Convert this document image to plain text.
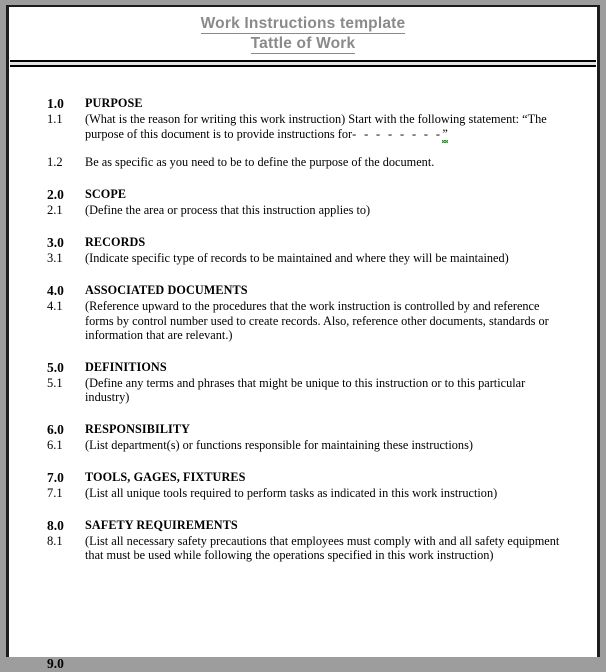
Work Instructions template
Tattle of Work
1.0	PURPOSE
1.1	(What is the reason for writing this work instruction) Start with the following statement: “The purpose of this document is to provide instructions for- - - - - - - -”
1.2	Be as specific as you need to be to define the purpose of the document.
2.0	SCOPE
2.1	(Define the area or process that this instruction applies to)
3.0	RECORDS
3.1	(Indicate specific type of records to be maintained and where they will be maintained)
4.0	ASSOCIATED DOCUMENTS
4.1	(Reference upward to the procedures that the work instruction is controlled by and reference forms by control number used to create records. Also, reference other documents, standards or information that are relevant.)
5.0	DEFINITIONS
5.1	(Define any terms and phrases that might be unique to this instruction or to this particular industry)
6.0	RESPONSIBILITY
6.1	(List department(s) or functions responsible for maintaining these instructions)
7.0	TOOLS, GAGES, FIXTURES
7.1	(List all unique tools required to perform tasks as indicated in this work instruction)
8.0	SAFETY REQUIREMENTS
8.1	(List all necessary safety precautions that employees must comply with and all safety equipment that must be used while following the operations specified in this work instruction)
9.0
